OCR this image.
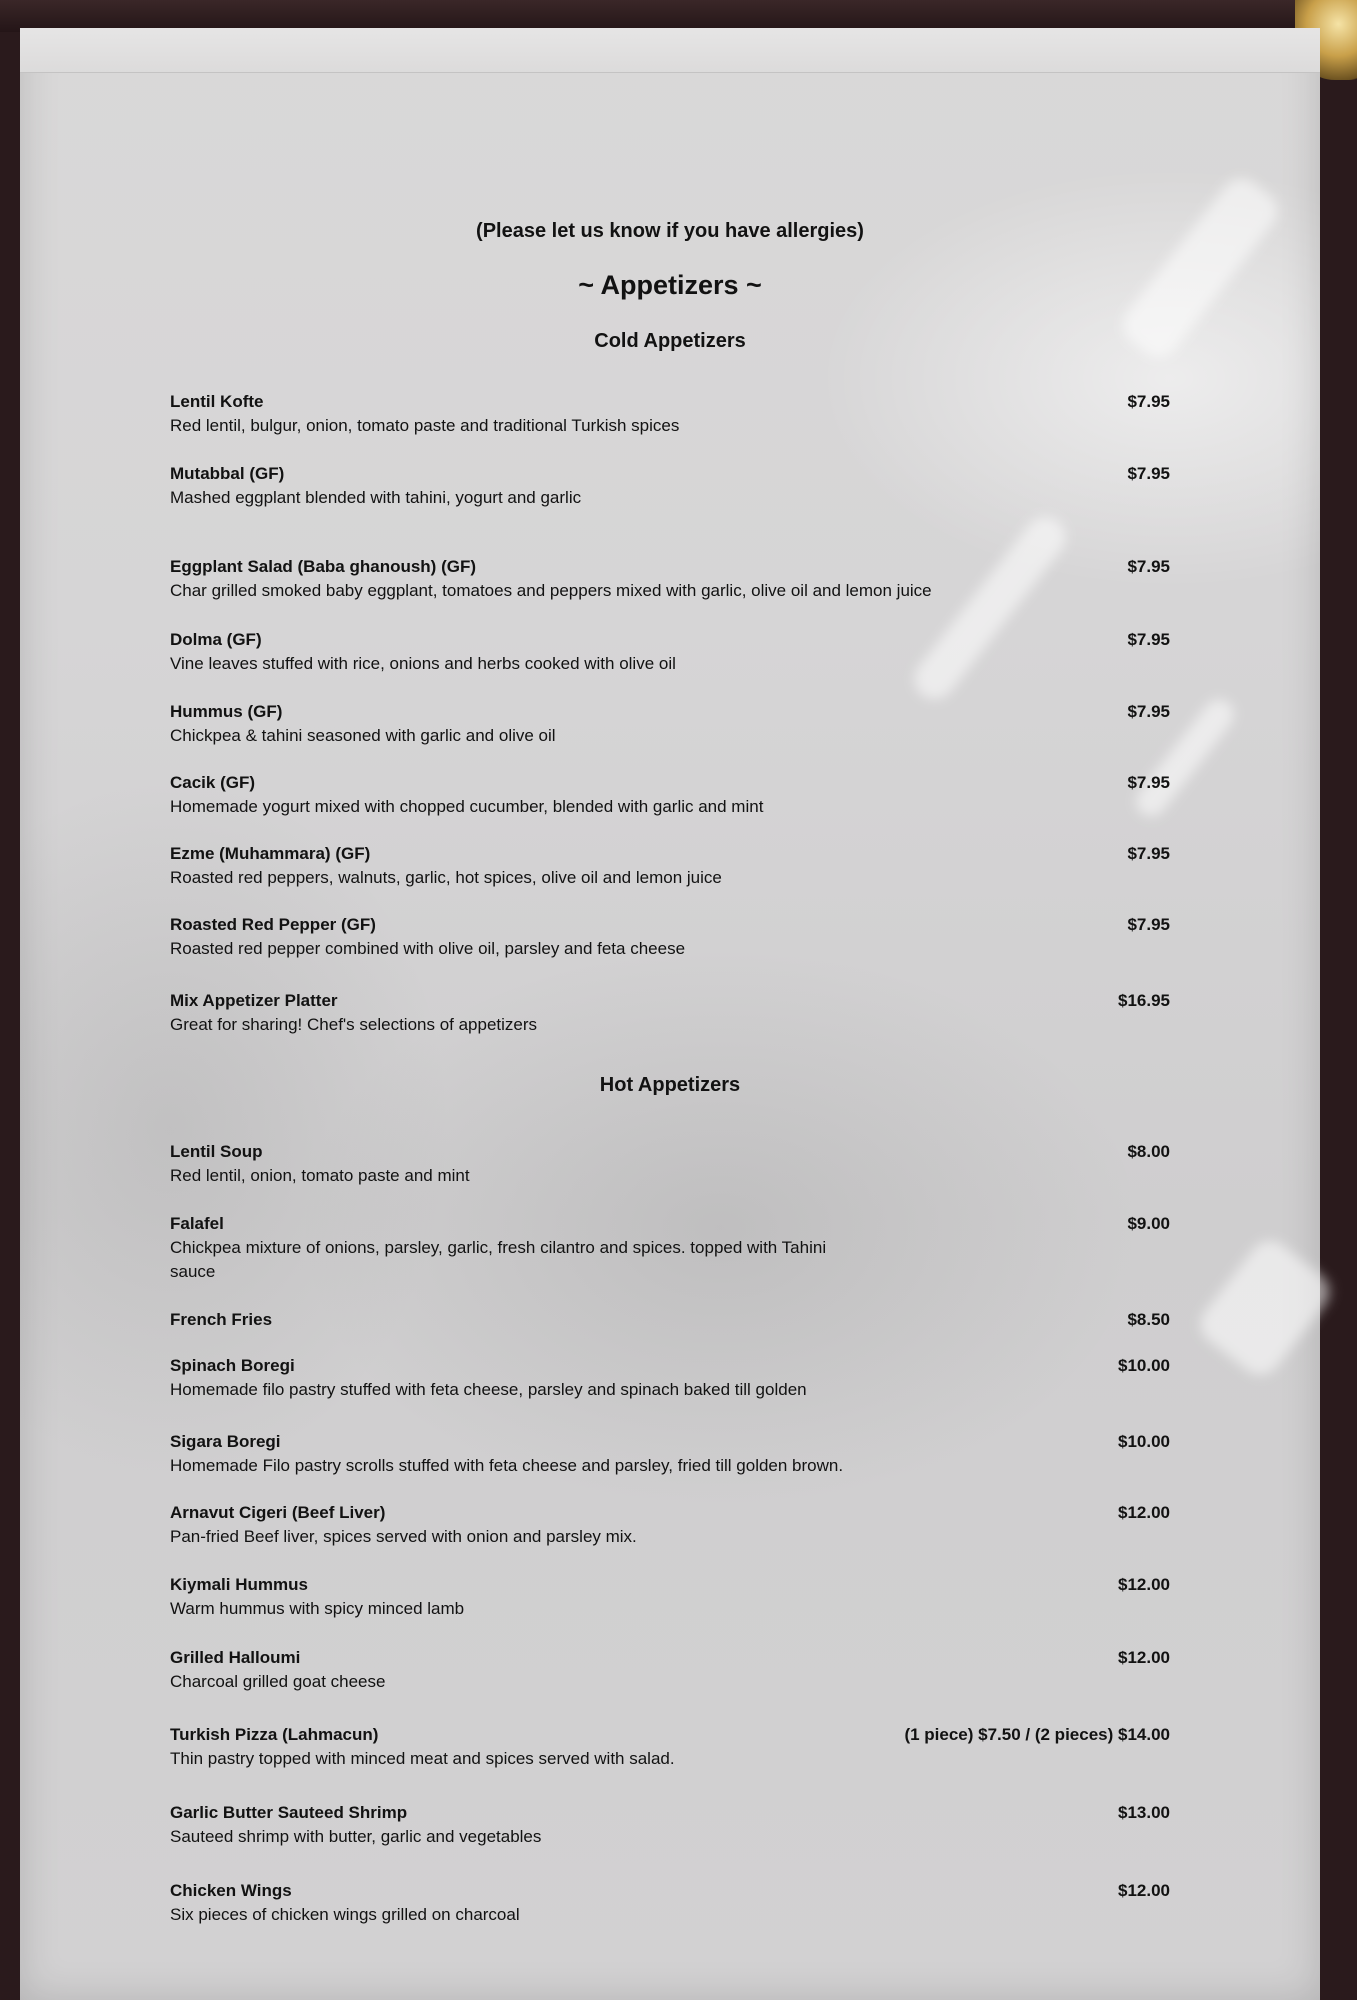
(Please let us know if you have allergies)
~ Appetizers ~
Cold Appetizers
Lentil Kofte
Red lentil, bulgur, onion, tomato paste and traditional Turkish spices
$7.95
Mutabbal (GF)
Mashed eggplant blended with tahini, yogurt and garlic
$7.95
Eggplant Salad (Baba ghanoush) (GF)
Char grilled smoked baby eggplant, tomatoes and peppers mixed with garlic, olive oil and lemon juice
$7.95
Dolma (GF)
Vine leaves stuffed with rice, onions and herbs cooked with olive oil
$7.95
Hummus (GF)
Chickpea & tahini seasoned with garlic and olive oil
$7.95
Cacik (GF)
Homemade yogurt mixed with chopped cucumber, blended with garlic and mint
$7.95
Ezme (Muhammara) (GF)
Roasted red peppers, walnuts, garlic, hot spices, olive oil and lemon juice
$7.95
Roasted Red Pepper (GF)
Roasted red pepper combined with olive oil, parsley and feta cheese
$7.95
Mix Appetizer Platter
Great for sharing! Chef's selections of appetizers
$16.95
Hot Appetizers
Lentil Soup
Red lentil, onion, tomato paste and mint
$8.00
Falafel
Chickpea mixture of onions, parsley, garlic, fresh cilantro and spices. topped with Tahini sauce
$9.00
French Fries	$8.50
Spinach Boregi
Homemade filo pastry stuffed with feta cheese, parsley and spinach baked till golden
$10.00
Sigara Boregi
Homemade Filo pastry scrolls stuffed with feta cheese and parsley, fried till golden brown.
$10.00
Arnavut Cigeri (Beef Liver)
Pan-fried Beef liver, spices served with onion and parsley mix.
$12.00
Kiymali Hummus
Warm hummus with spicy minced lamb
$12.00
Grilled Halloumi
Charcoal grilled goat cheese
$12.00
Turkish Pizza (Lahmacun)
Thin pastry topped with minced meat and spices served with salad.
(1 piece) $7.50 / (2 pieces) $14.00
Garlic Butter Sauteed Shrimp
Sauteed shrimp with butter, garlic and vegetables
$13.00
Chicken Wings
Six pieces of chicken wings grilled on charcoal
$12.00
